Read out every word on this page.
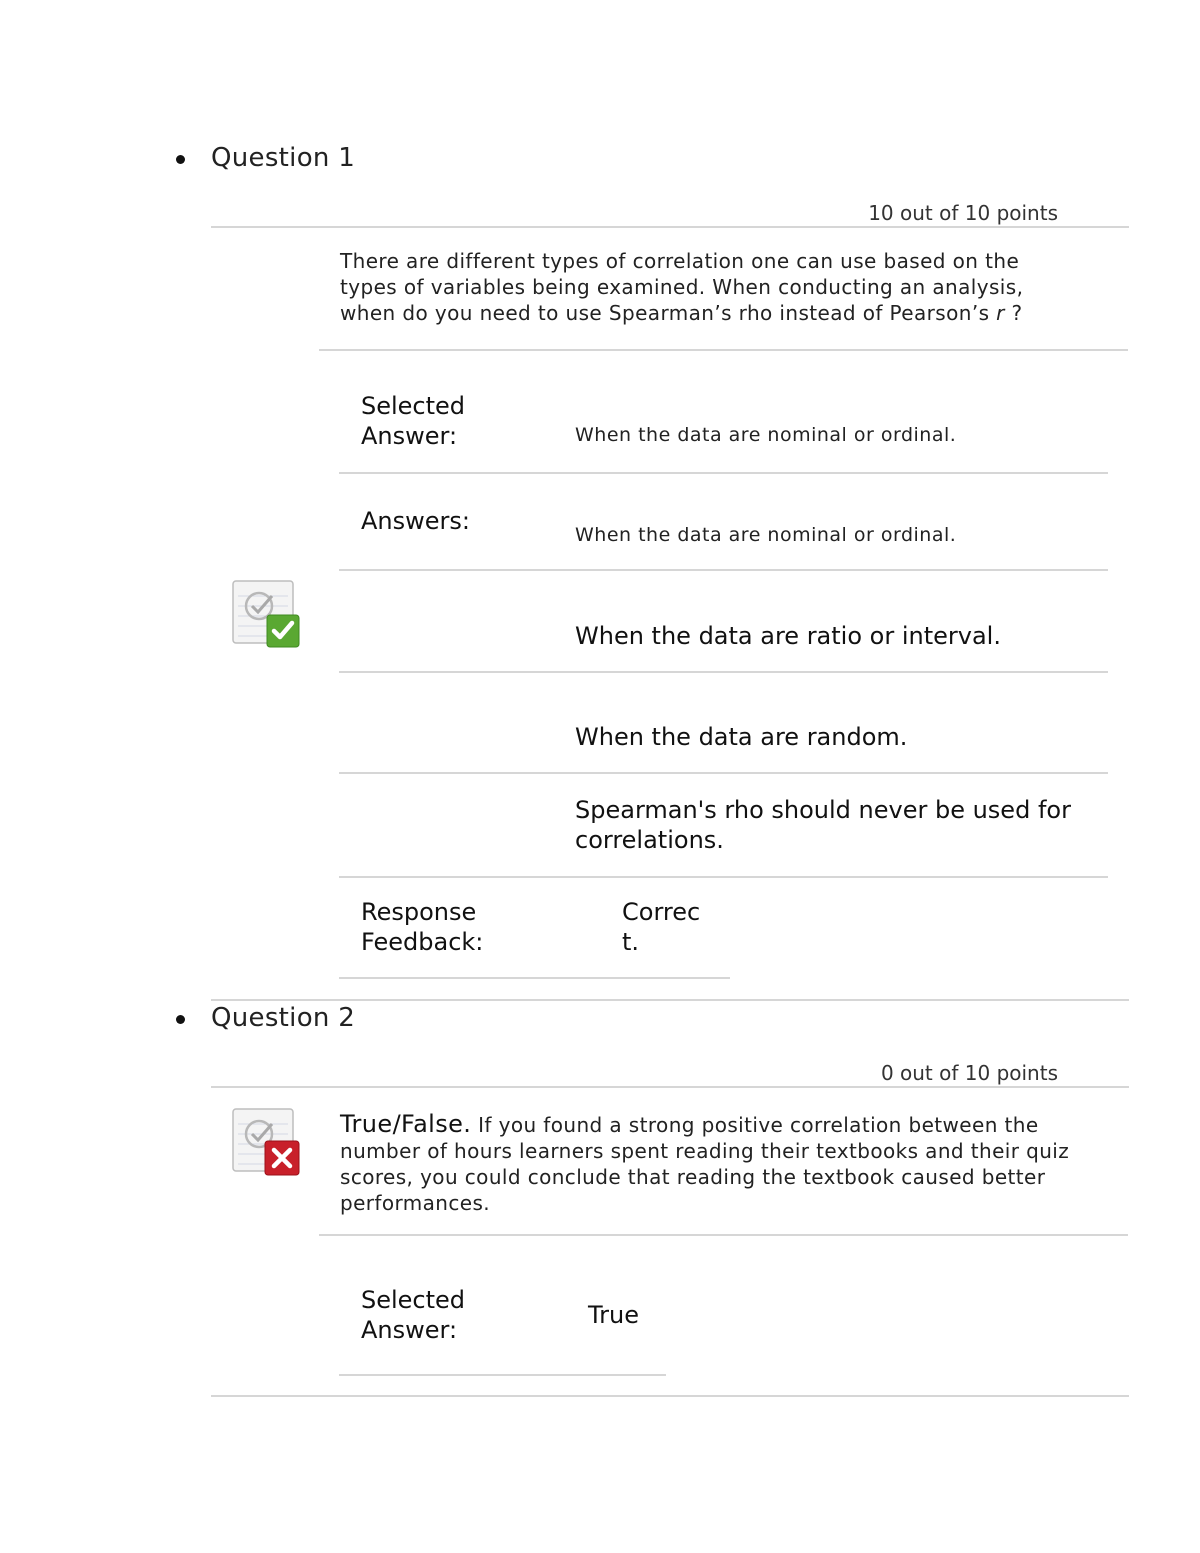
Question 1
10 out of 10 points
There are different types of correlation one can use based on the types of variables being examined. When conducting an analysis, when do you need to use Spearman’s rho instead of Pearson’s r ?
Selected Answer:	When the data are nominal or ordinal.
Answers:	When the data are nominal or ordinal.
When the data are ratio or interval.
When the data are random.
Spearman's rho should never be used for correlations.
Response Feedback:
Correct.
Question 2
0 out of 10 points
True/False. If you found a strong positive correlation between the number of hours learners spent reading their textbooks and their quiz scores, you could conclude that reading the textbook caused better performances.
Selected Answer:
True
